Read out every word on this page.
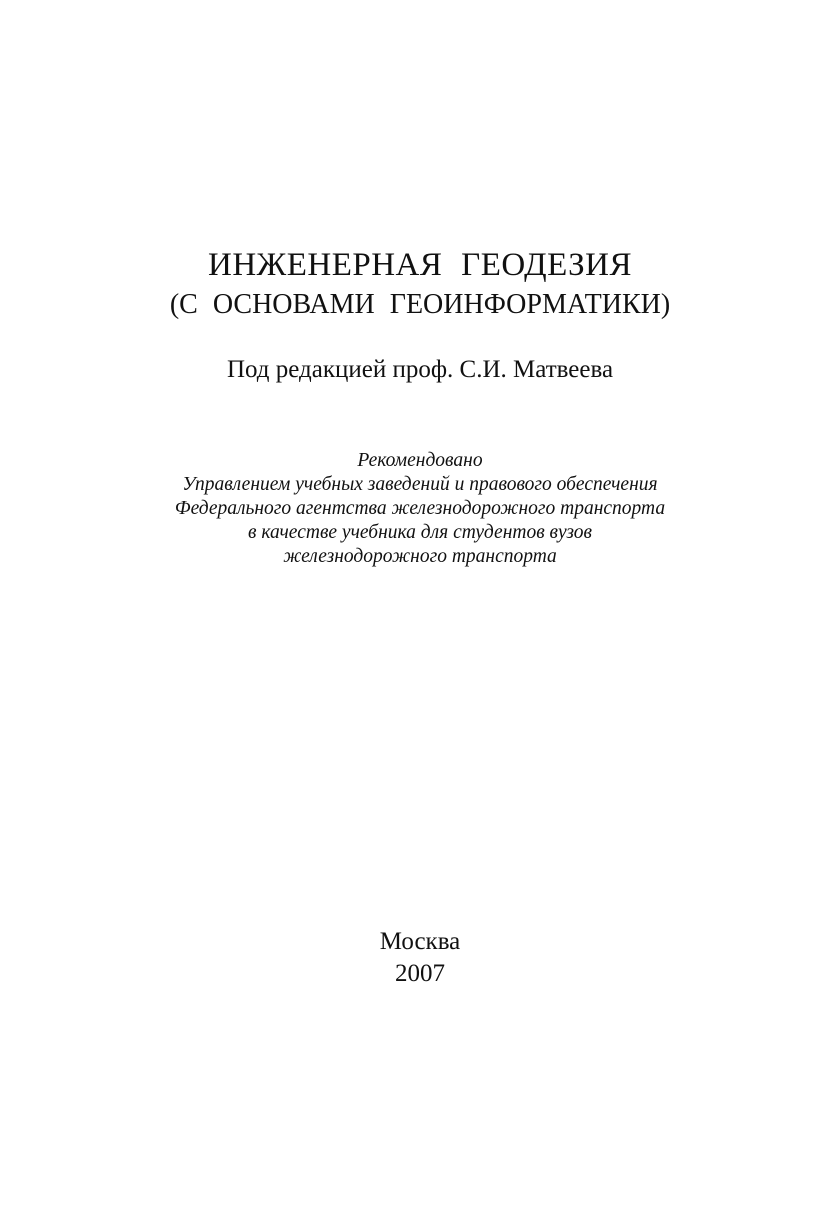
ИНЖЕНЕРНАЯ ГЕОДЕЗИЯ
(С ОСНОВАМИ ГЕОИНФОРМАТИКИ)
Под редакцией проф. С.И. Матвеева
Рекомендовано
Управлением учебных заведений и правового обеспечения
Федерального агентства железнодорожного транспорта
в качестве учебника для студентов вузов
железнодорожного транспорта
Москва
2007
